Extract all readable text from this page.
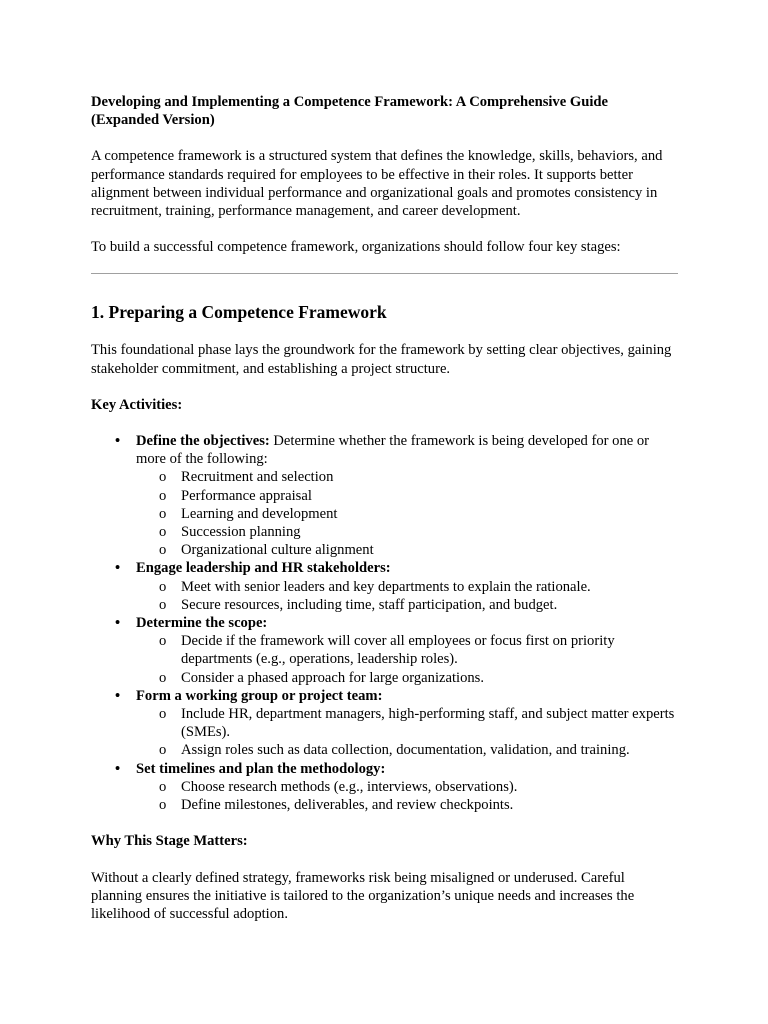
Developing and Implementing a Competence Framework: A Comprehensive Guide
(Expanded Version)

A competence framework is a structured system that defines the knowledge, skills, behaviors, and performance standards required for employees to be effective in their roles. It supports better alignment between individual performance and organizational goals and promotes consistency in recruitment, training, performance management, and career development.

To build a successful competence framework, organizations should follow four key stages:

1. Preparing a Competence Framework

This foundational phase lays the groundwork for the framework by setting clear objectives, gaining stakeholder commitment, and establishing a project structure.

Key Activities:

• Define the objectives: Determine whether the framework is being developed for one or more of the following:
o Recruitment and selection
o Performance appraisal
o Learning and development
o Succession planning
o Organizational culture alignment
• Engage leadership and HR stakeholders:
o Meet with senior leaders and key departments to explain the rationale.
o Secure resources, including time, staff participation, and budget.
• Determine the scope:
o Decide if the framework will cover all employees or focus first on priority departments (e.g., operations, leadership roles).
o Consider a phased approach for large organizations.
• Form a working group or project team:
o Include HR, department managers, high-performing staff, and subject matter experts (SMEs).
o Assign roles such as data collection, documentation, validation, and training.
• Set timelines and plan the methodology:
o Choose research methods (e.g., interviews, observations).
o Define milestones, deliverables, and review checkpoints.

Why This Stage Matters:

Without a clearly defined strategy, frameworks risk being misaligned or underused. Careful planning ensures the initiative is tailored to the organization’s unique needs and increases the likelihood of successful adoption.
